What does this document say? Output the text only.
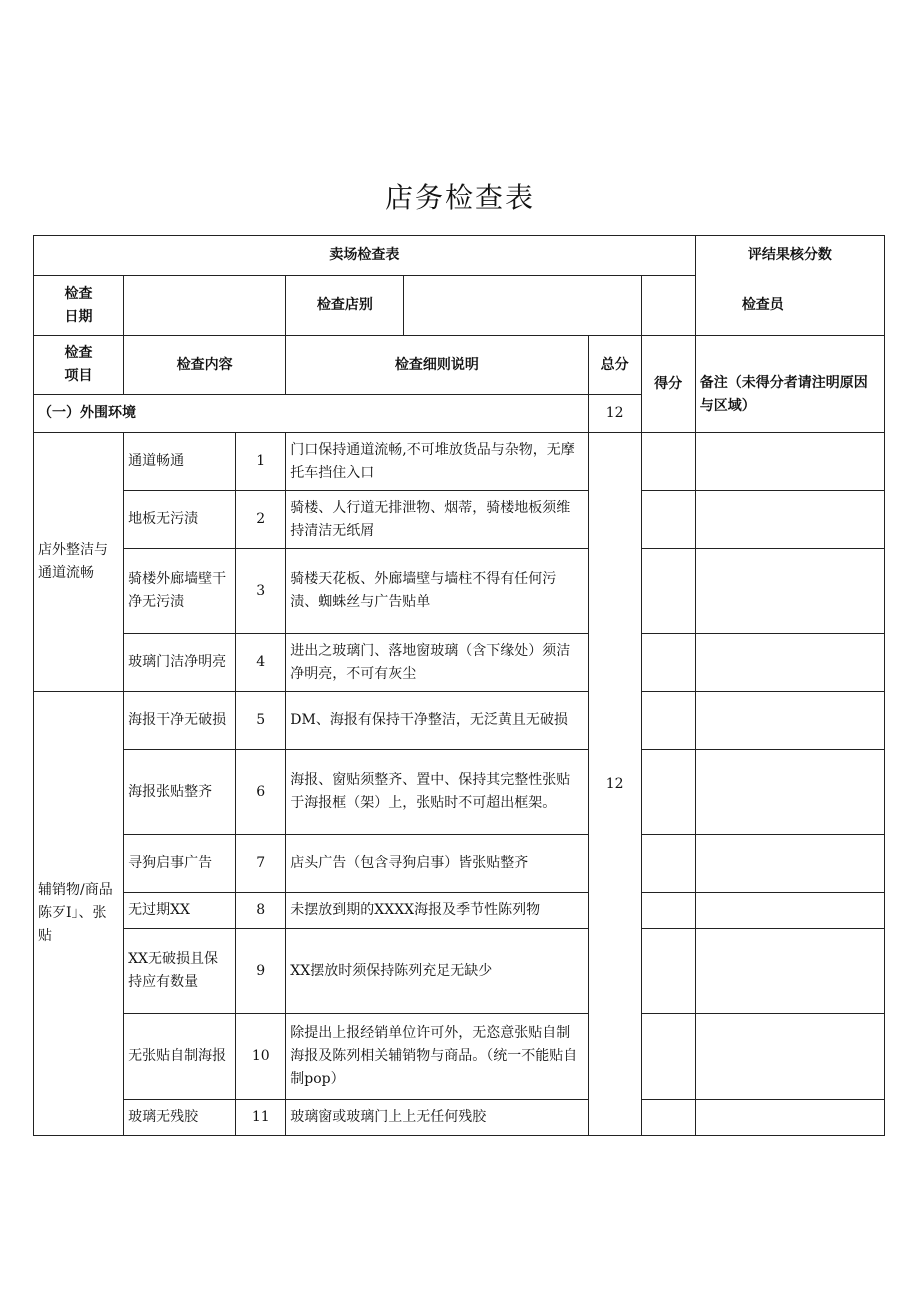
店务检查表
卖场检查表							评结果核分数
检查
日期			检查店别			检查员	
检查
项目	检查内容		检查细则说明		总分	得分	备注（未得分者请注明原因与区域）
（一）外围环境					12		
店外整洁与通道流畅	通道畅通	1	门口保持通道流畅,不可堆放货品与杂物，无摩托车挡住入口		12		
	地板无污渍	2	骑楼、人行道无排泄物、烟蒂，骑楼地板须维持清洁无纸屑				
	骑楼外廊墙壁干净无污渍	3	骑楼天花板、外廊墙壁与墙柱不得有任何污渍、蜘蛛丝与广告贴单				
	玻璃门洁净明亮	4	进出之玻璃门、落地窗玻璃（含下缘处）须洁净明亮，不可有灰尘				
辅销物/商品陈歹I」、张贴	海报干净无破损	5	DM、海报有保持干净整洁，无泛黄且无破损				
	海报张贴整齐	6	海报、窗贴须整齐、置中、保持其完整性张贴于海报框（架）上，张贴时不可超出框架。				
	寻狗启事广告	7	店头广告（包含寻狗启事）皆张贴整齐				
	无过期XX	8	未摆放到期的XXXX海报及季节性陈列物				
	XX无破损且保持应有数量	9	XX摆放时须保持陈列充足无缺少				
	无张贴自制海报	10	除提出上报经销单位许可外，无恣意张贴自制海报及陈列相关辅销物与商品。（统一不能贴自制pop）				
	玻璃无残胶	11	玻璃窗或玻璃门上上无任何残胶				
